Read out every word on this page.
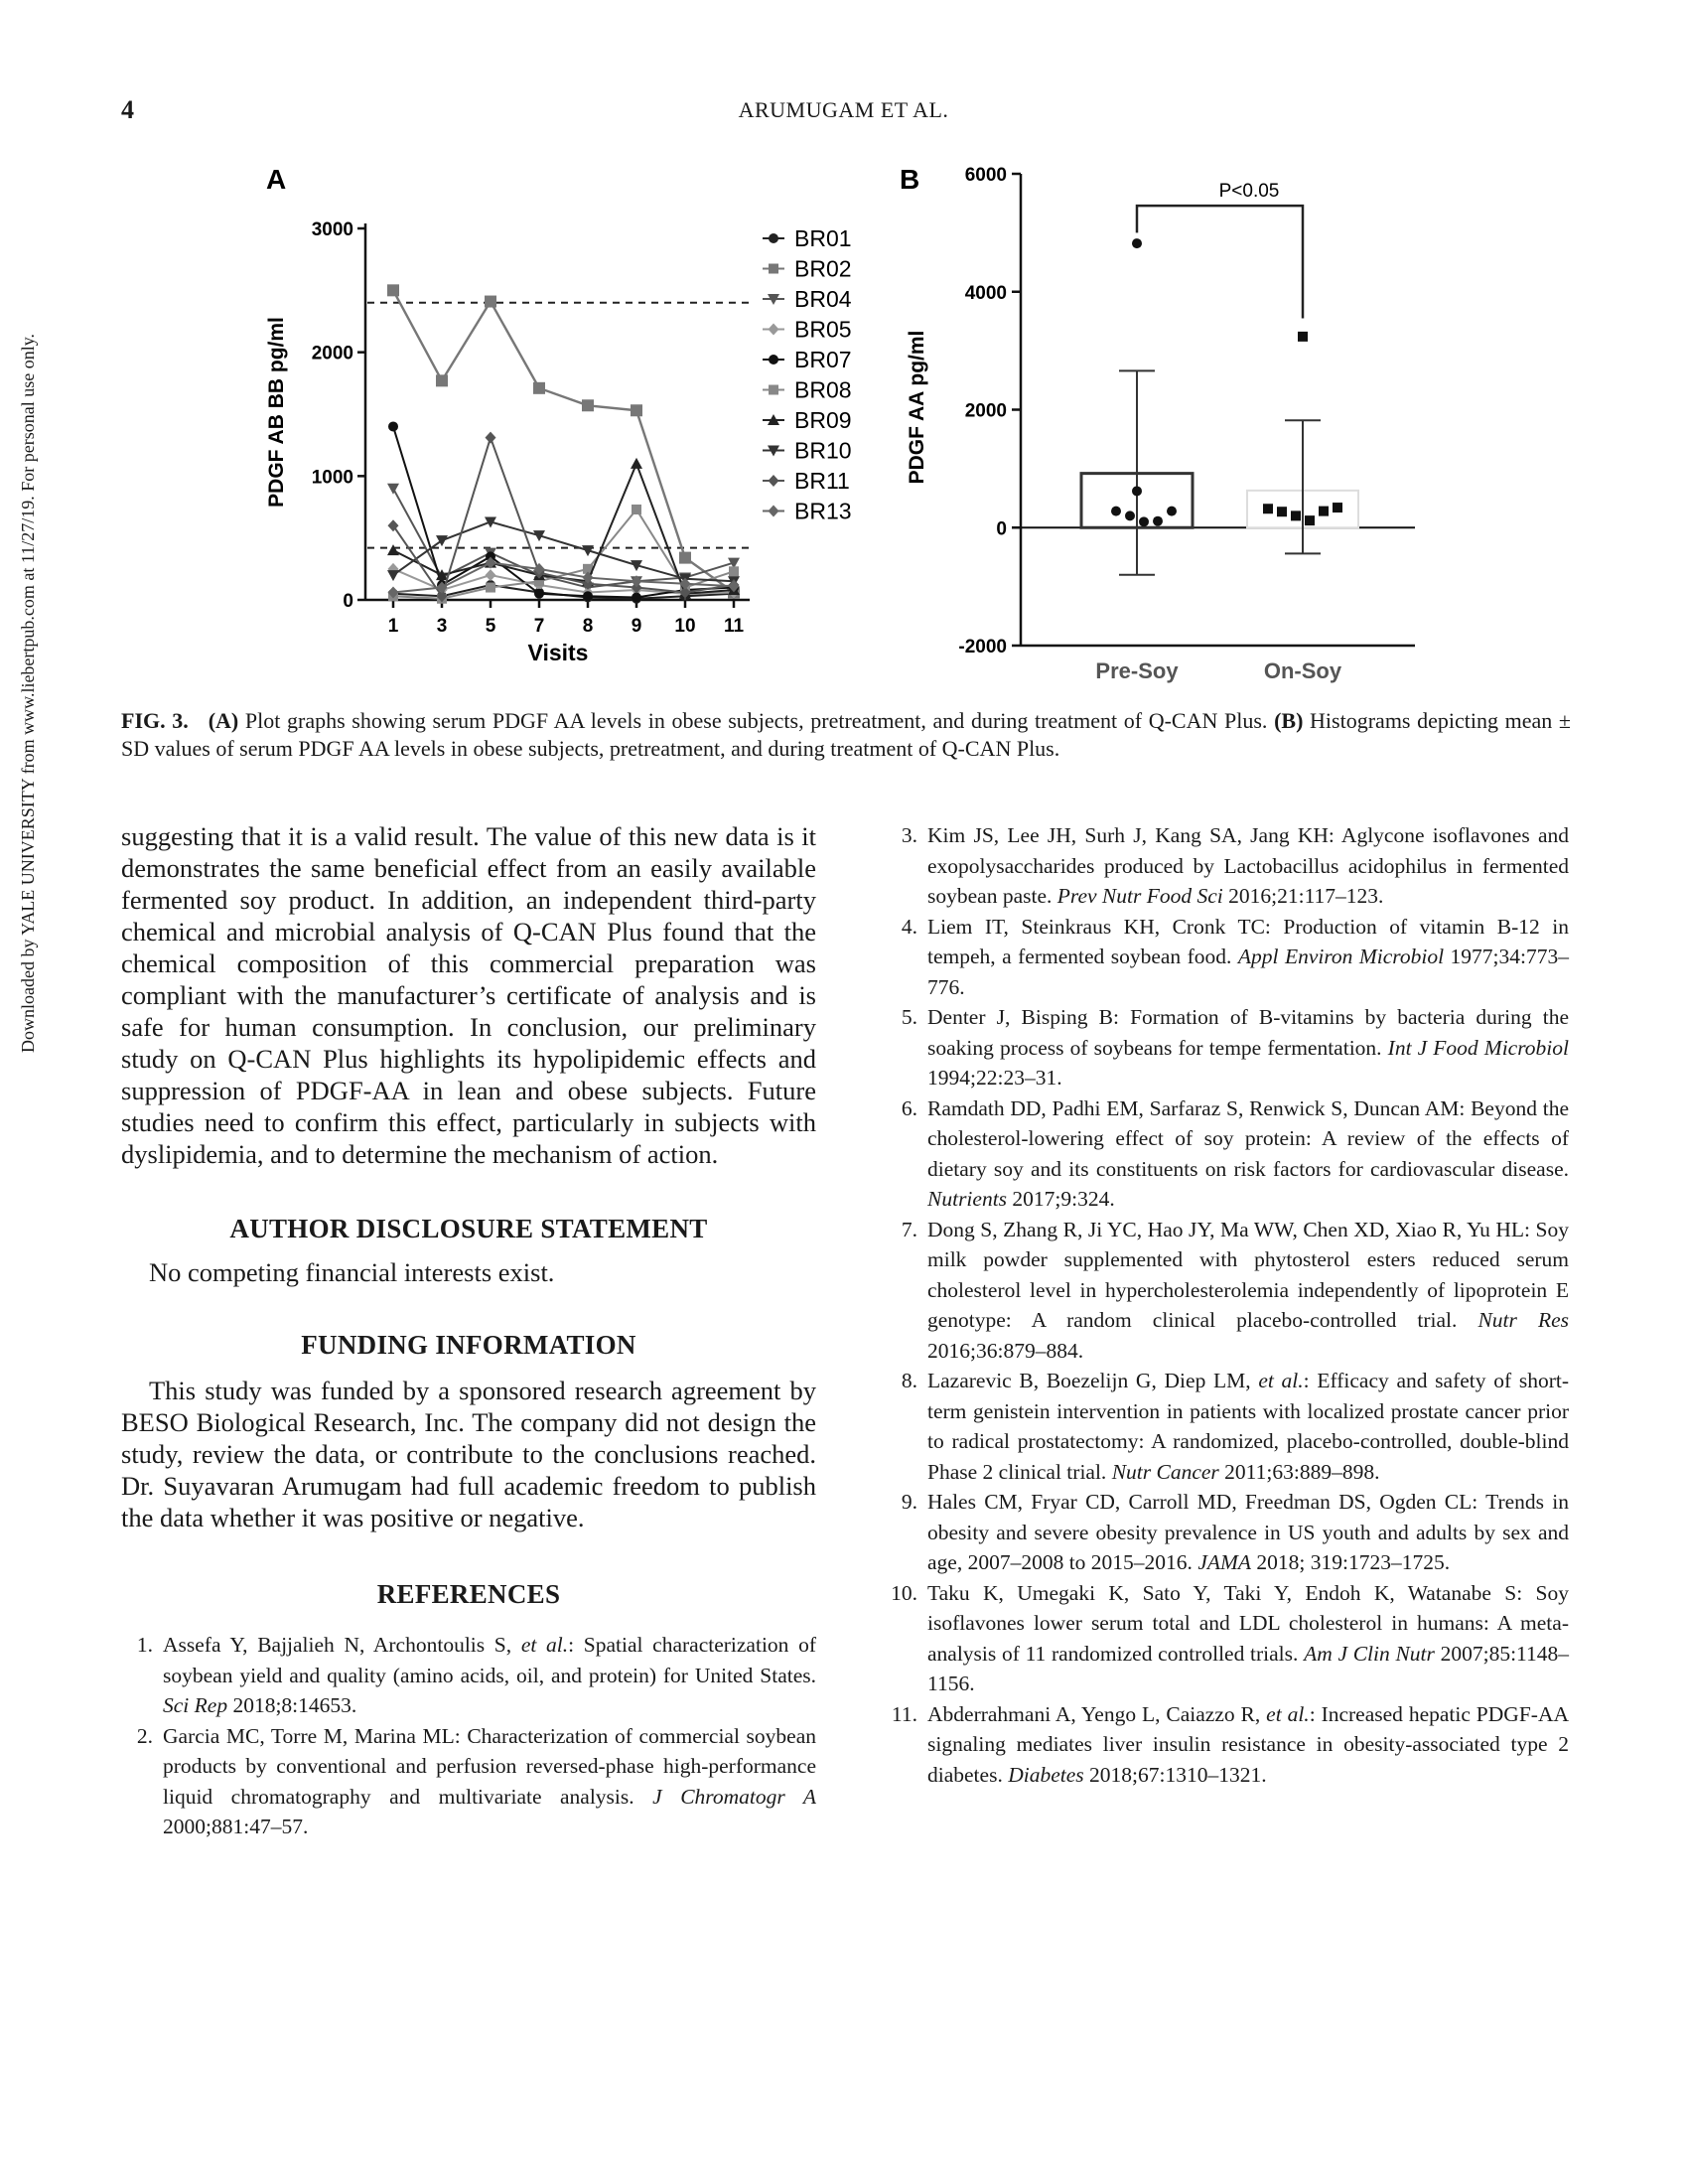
4	ARUMUGAM ET AL.
Downloaded by YALE UNIVERSITY from www.liebertpub.com at 11/27/19. For personal use only.
A	B
PDGF AB BB pg/ml
Visits
0
1000
2000
3000
1 3 5 7 8 9 10 11
BR01
BR02
BR04
BR05
BR07
BR08
BR09
BR10
BR11
BR13
PDGF AA pg/ml
P<0.05
6000
4000
2000
0
-2000
Pre-Soy	On-Soy
FIG. 3. (A) Plot graphs showing serum PDGF AA levels in obese subjects, pretreatment, and during treatment of Q-CAN Plus. (B) Histograms depicting mean ± SD values of serum PDGF AA levels in obese subjects, pretreatment, and during treatment of Q-CAN Plus.

suggesting that it is a valid result. The value of this new data is it demonstrates the same beneficial effect from an easily available fermented soy product. In addition, an independent third-party chemical and microbial analysis of Q-CAN Plus found that the chemical composition of this commercial preparation was compliant with the manufacturer’s certificate of analysis and is safe for human consumption. In conclusion, our preliminary study on Q-CAN Plus highlights its hypolipidemic effects and suppression of PDGF-AA in lean and obese subjects. Future studies need to confirm this effect, particularly in subjects with dyslipidemia, and to determine the mechanism of action.

AUTHOR DISCLOSURE STATEMENT

No competing financial interests exist.

FUNDING INFORMATION

This study was funded by a sponsored research agreement by BESO Biological Research, Inc. The company did not design the study, review the data, or contribute to the conclusions reached. Dr. Suyavaran Arumugam had full academic freedom to publish the data whether it was positive or negative.

REFERENCES

1. Assefa Y, Bajjalieh N, Archontoulis S, et al.: Spatial characterization of soybean yield and quality (amino acids, oil, and protein) for United States. Sci Rep 2018;8:14653.

2. Garcia MC, Torre M, Marina ML: Characterization of commercial soybean products by conventional and perfusion reversed-phase high-performance liquid chromatography and multivariate analysis. J Chromatogr A 2000;881:47–57.

3. Kim JS, Lee JH, Surh J, Kang SA, Jang KH: Aglycone isoflavones and exopolysaccharides produced by Lactobacillus acidophilus in fermented soybean paste. Prev Nutr Food Sci 2016;21:117–123.

4. Liem IT, Steinkraus KH, Cronk TC: Production of vitamin B-12 in tempeh, a fermented soybean food. Appl Environ Microbiol 1977;34:773–776.

5. Denter J, Bisping B: Formation of B-vitamins by bacteria during the soaking process of soybeans for tempe fermentation. Int J Food Microbiol 1994;22:23–31.

6. Ramdath DD, Padhi EM, Sarfaraz S, Renwick S, Duncan AM: Beyond the cholesterol-lowering effect of soy protein: A review of the effects of dietary soy and its constituents on risk factors for cardiovascular disease. Nutrients 2017;9:324.

7. Dong S, Zhang R, Ji YC, Hao JY, Ma WW, Chen XD, Xiao R, Yu HL: Soy milk powder supplemented with phytosterol esters reduced serum cholesterol level in hypercholesterolemia independently of lipoprotein E genotype: A random clinical placebo-controlled trial. Nutr Res 2016;36:879–884.

8. Lazarevic B, Boezelijn G, Diep LM, et al.: Efficacy and safety of short-term genistein intervention in patients with localized prostate cancer prior to radical prostatectomy: A randomized, placebo-controlled, double-blind Phase 2 clinical trial. Nutr Cancer 2011;63:889–898.

9. Hales CM, Fryar CD, Carroll MD, Freedman DS, Ogden CL: Trends in obesity and severe obesity prevalence in US youth and adults by sex and age, 2007–2008 to 2015–2016. JAMA 2018; 319:1723–1725.

10. Taku K, Umegaki K, Sato Y, Taki Y, Endoh K, Watanabe S: Soy isoflavones lower serum total and LDL cholesterol in humans: A meta-analysis of 11 randomized controlled trials. Am J Clin Nutr 2007;85:1148–1156.

11. Abderrahmani A, Yengo L, Caiazzo R, et al.: Increased hepatic PDGF-AA signaling mediates liver insulin resistance in obesity-associated type 2 diabetes. Diabetes 2018;67:1310–1321.
